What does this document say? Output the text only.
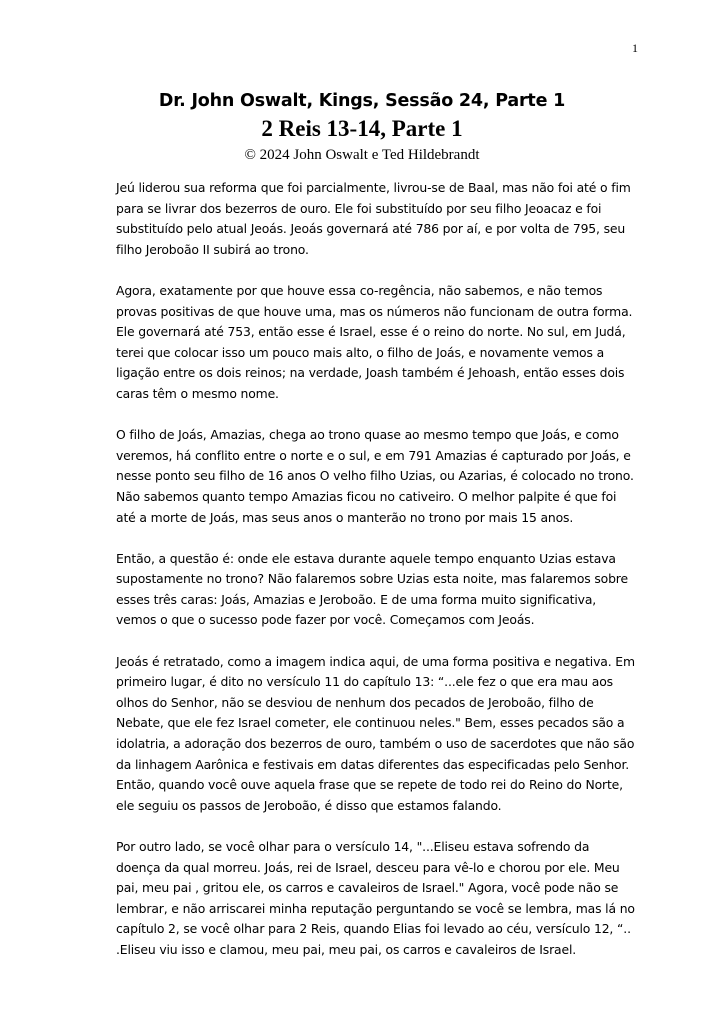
1
Dr. John Oswalt, Kings, Sessão 24, Parte 1
2 Reis 13-14, Parte 1
© 2024 John Oswalt e Ted Hildebrandt

Jeú liderou sua reforma que foi parcialmente, livrou-se de Baal, mas não foi até o fim para se livrar dos bezerros de ouro. Ele foi substituído por seu filho Jeoacaz e foi substituído pelo atual Jeoás. Jeoás governará até 786 por aí, e por volta de 795, seu filho Jeroboão II subirá ao trono.

Agora, exatamente por que houve essa co-regência, não sabemos, e não temos provas positivas de que houve uma, mas os números não funcionam de outra forma. Ele governará até 753, então esse é Israel, esse é o reino do norte. No sul, em Judá, terei que colocar isso um pouco mais alto, o filho de Joás, e novamente vemos a ligação entre os dois reinos; na verdade, Joash também é Jehoash, então esses dois caras têm o mesmo nome.

O filho de Joás, Amazias, chega ao trono quase ao mesmo tempo que Joás, e como veremos, há conflito entre o norte e o sul, e em 791 Amazias é capturado por Joás, e nesse ponto seu filho de 16 anos O velho filho Uzias, ou Azarias, é colocado no trono. Não sabemos quanto tempo Amazias ficou no cativeiro. O melhor palpite é que foi até a morte de Joás, mas seus anos o manterão no trono por mais 15 anos.

Então, a questão é: onde ele estava durante aquele tempo enquanto Uzias estava supostamente no trono? Não falaremos sobre Uzias esta noite, mas falaremos sobre esses três caras: Joás, Amazias e Jeroboão. E de uma forma muito significativa, vemos o que o sucesso pode fazer por você. Começamos com Jeoás.

Jeoás é retratado, como a imagem indica aqui, de uma forma positiva e negativa. Em primeiro lugar, é dito no versículo 11 do capítulo 13: “...ele fez o que era mau aos olhos do Senhor, não se desviou de nenhum dos pecados de Jeroboão, filho de Nebate, que ele fez Israel cometer, ele continuou neles." Bem, esses pecados são a idolatria, a adoração dos bezerros de ouro, também o uso de sacerdotes que não são da linhagem Aarônica e festivais em datas diferentes das especificadas pelo Senhor. Então, quando você ouve aquela frase que se repete de todo rei do Reino do Norte, ele seguiu os passos de Jeroboão, é disso que estamos falando.

Por outro lado, se você olhar para o versículo 14, "...Eliseu estava sofrendo da doença da qual morreu. Joás, rei de Israel, desceu para vê-lo e chorou por ele. Meu pai, meu pai , gritou ele, os carros e cavaleiros de Israel." Agora, você pode não se lembrar, e não arriscarei minha reputação perguntando se você se lembra, mas lá no capítulo 2, se você olhar para 2 Reis, quando Elias foi levado ao céu, versículo 12, “.. .Eliseu viu isso e clamou, meu pai, meu pai, os carros e cavaleiros de Israel.
